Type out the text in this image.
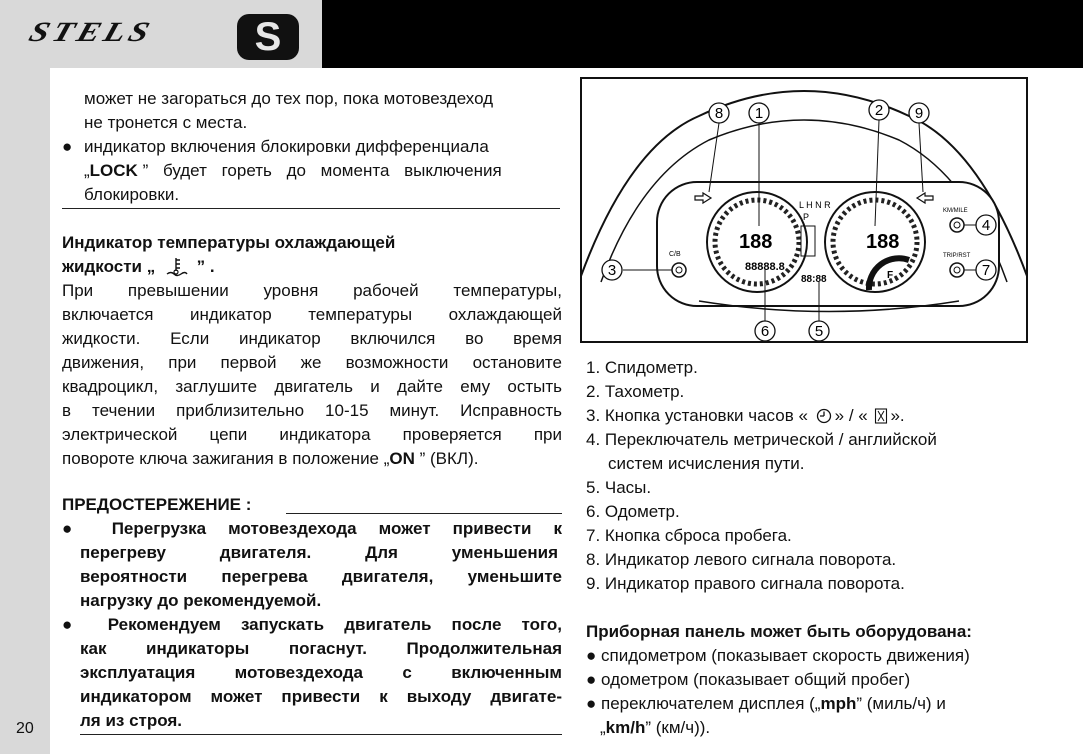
STELS	S
20
может не загораться до тех пор, пока мотовездеход
не тронется с места.
● индикатор включения блокировки дифференциала
„LOCK ” будет гореть до момента выключения
блокировки.
Индикатор температуры охлаждающей
жидкости „ ” .
При превышении уровня рабочей температуры,
включается индикатор температуры охлаждающей
жидкости. Если индикатор включился во время
движения, при первой же возможности остановите
квадроцикл, заглушите двигатель и дайте ему остыть
в течении приблизительно 10-15 минут. Исправность
электрической цепи индикатора проверяется при
повороте ключа зажигания в положение „ON ” (ВКЛ).
ПРЕДОСТЕРЕЖЕНИЕ :
● Перегрузка мотовездехода может привести к
перегреву двигателя. Для уменьшения
вероятности перегрева двигателя, уменьшите
нагрузку до рекомендуемой.
● Рекомендуем запускать двигатель после того,
как индикаторы погаснут. Продолжительная
эксплуатация мотовездехода с включенным
индикатором может привести к выходу двигате-
ля из строя.
188
88888.8
188
F
L H N R
P
88:88
C/B
KM/MILE
TRIP/RST
1	2
3
4
5
6
7
8	9
1. Спидометр.
2. Тахометр.
3. Кнопка установки часов « » / « ».
4. Переключатель метрической / английской
систем исчисления пути.
5. Часы.
6. Одометр.
7. Кнопка сброса пробега.
8. Индикатор левого сигнала поворота.
9. Индикатор правого сигнала поворота.
Приборная панель может быть оборудована:
● спидометром (показывает скорость движения)
● одометром (показывает общий пробег)
● переключателем дисплея („mph” (миль/ч) и
„km/h” (км/ч)).
